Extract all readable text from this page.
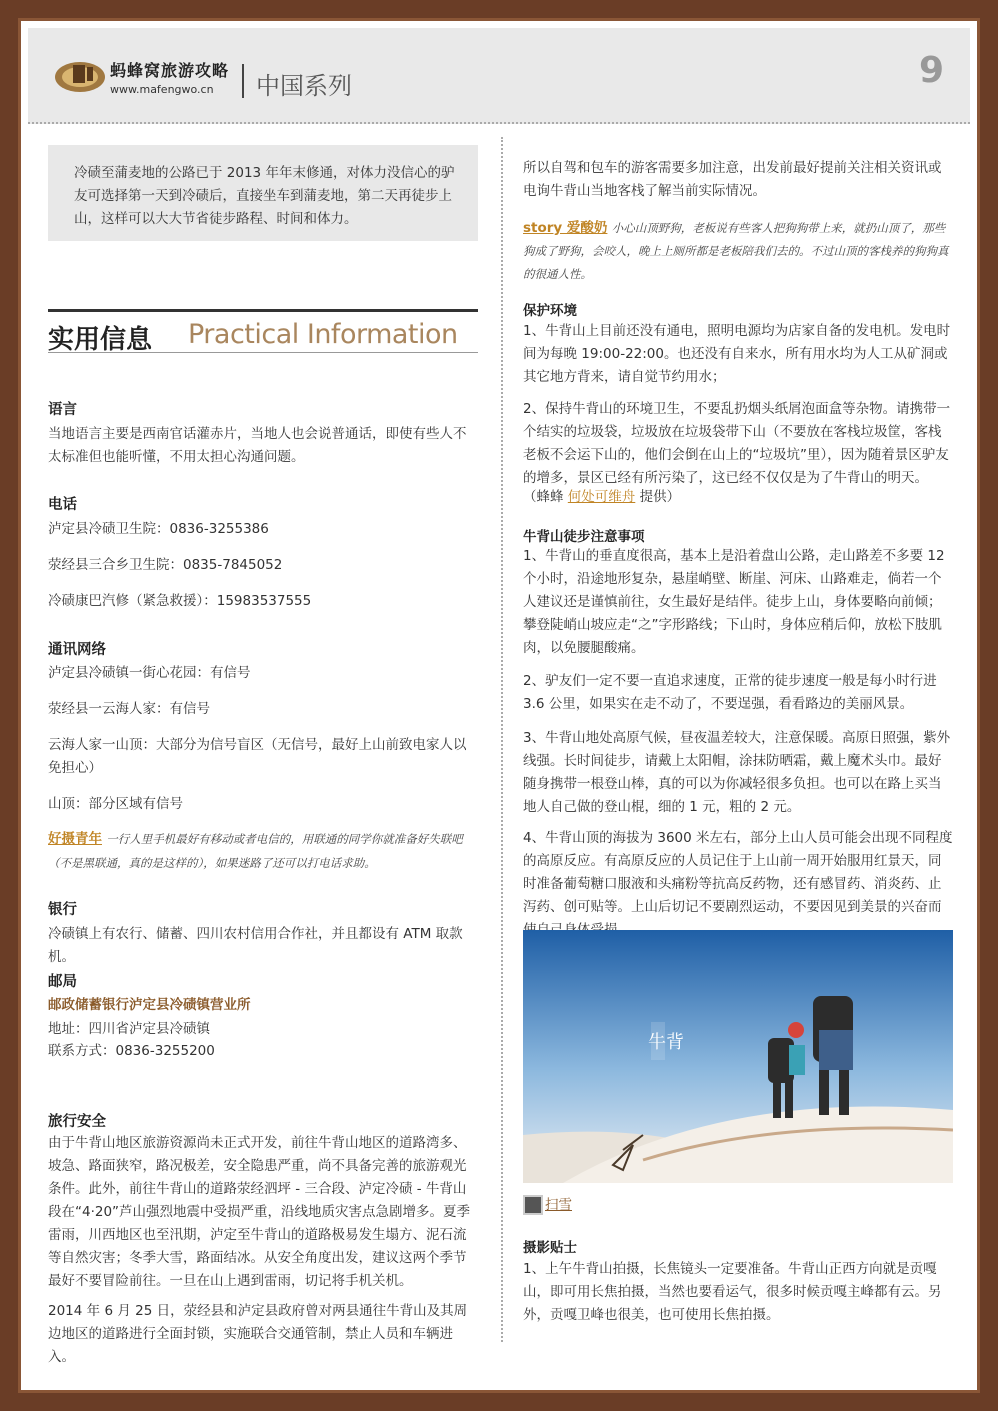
蚂蜂窝旅游攻略
www.mafengwo.cn 中国系列	9
冷碛至蒲麦地的公路已于 2013 年年末修通，对体力没信心的驴友可选择第一天到冷碛后，直接坐车到蒲麦地，第二天再徒步上山，这样可以大大节省徒步路程、时间和体力。
实用信息 Practical Information
语言
当地语言主要是西南官话灌赤片，当地人也会说普通话，即使有些人不太标准但也能听懂，不用太担心沟通问题。
电话
泸定县冷碛卫生院：0836-3255386
荥经县三合乡卫生院：0835-7845052
冷碛康巴汽修（紧急救援）：15983537555
通讯网络
泸定县冷碛镇一街心花园：有信号
荥经县一云海人家：有信号
云海人家一山顶：大部分为信号盲区（无信号，最好上山前致电家人以免担心）
山顶：部分区域有信号
好摄青年 一行人里手机最好有移动或者电信的，用联通的同学你就准备好失联吧（不是黑联通，真的是这样的），如果迷路了还可以打电话求助。
银行
冷碛镇上有农行、储蓄、四川农村信用合作社，并且都设有 ATM 取款机。
邮局
邮政储蓄银行泸定县冷碛镇营业所
地址：四川省泸定县冷碛镇
联系方式：0836-3255200
旅行安全
由于牛背山地区旅游资源尚未正式开发，前往牛背山地区的道路湾多、坡急、路面狭窄，路况极差，安全隐患严重，尚不具备完善的旅游观光条件。此外，前往牛背山的道路荥经泗坪 - 三合段、泸定冷碛 - 牛背山段在“4·20”芦山强烈地震中受损严重，沿线地质灾害点急剧增多。夏季雷雨，川西地区也至汛期，泸定至牛背山的道路极易发生塌方、泥石流等自然灾害；冬季大雪，路面结冰。从安全角度出发，建议这两个季节最好不要冒险前往。一旦在山上遇到雷雨，切记将手机关机。
2014 年 6 月 25 日，荥经县和泸定县政府曾对两县通往牛背山及其周边地区的道路进行全面封锁，实施联合交通管制，禁止人员和车辆进入。
所以自驾和包车的游客需要多加注意，出发前最好提前关注相关资讯或电询牛背山当地客栈了解当前实际情况。
story 爱酸奶 小心山顶野狗，老板说有些客人把狗狗带上来，就扔山顶了，那些狗成了野狗，会咬人，晚上上厕所都是老板陪我们去的。不过山顶的客栈养的狗狗真的很通人性。
保护环境
1、牛背山上目前还没有通电，照明电源均为店家自备的发电机。发电时间为每晚 19:00-22:00。也还没有自来水，所有用水均为人工从矿洞或其它地方背来，请自觉节约用水；
2、保持牛背山的环境卫生，不要乱扔烟头纸屑泡面盒等杂物。请携带一个结实的垃圾袋，垃圾放在垃圾袋带下山（不要放在客栈垃圾筐，客栈老板不会运下山的，他们会倒在山上的“垃圾坑”里），因为随着景区驴友的增多，景区已经有所污染了，这已经不仅仅是为了牛背山的明天。
（蜂蜂 何处可维舟 提供）
牛背山徒步注意事项
1、牛背山的垂直度很高，基本上是沿着盘山公路，走山路差不多要 12 个小时，沿途地形复杂，悬崖峭壁、断崖、河床、山路难走，倘若一个人建议还是谨慎前往，女生最好是结伴。徒步上山，身体要略向前倾；攀登陡峭山坡应走“之”字形路线；下山时，身体应稍后仰，放松下肢肌肉，以免腰腿酸痛。
2、驴友们一定不要一直追求速度，正常的徒步速度一般是每小时行进 3.6 公里，如果实在走不动了，不要逞强，看看路边的美丽风景。
3、牛背山地处高原气候，昼夜温差较大，注意保暖。高原日照强，紫外线强。长时间徒步，请戴上太阳帽，涂抹防晒霜，戴上魔术头巾。最好随身携带一根登山棒，真的可以为你减轻很多负担。也可以在路上买当地人自己做的登山棍，细的 1 元，粗的 2 元。
4、牛背山顶的海拔为 3600 米左右，部分上山人员可能会出现不同程度的高原反应。有高原反应的人员记住于上山前一周开始服用红景天，同时准备葡萄糖口服液和头痛粉等抗高反药物，还有感冒药、消炎药、止泻药、创可贴等。上山后切记不要剧烈运动，不要因见到美景的兴奋而
牛背
扫雪
摄影贴士
1、上午牛背山拍摄，长焦镜头一定要准备。牛背山正西方向就是贡嘎山，即可用长焦拍摄，当然也要看运气，很多时候贡嘎主峰都有云。另外，贡嘎卫峰也很美，也可使用长焦拍摄。
